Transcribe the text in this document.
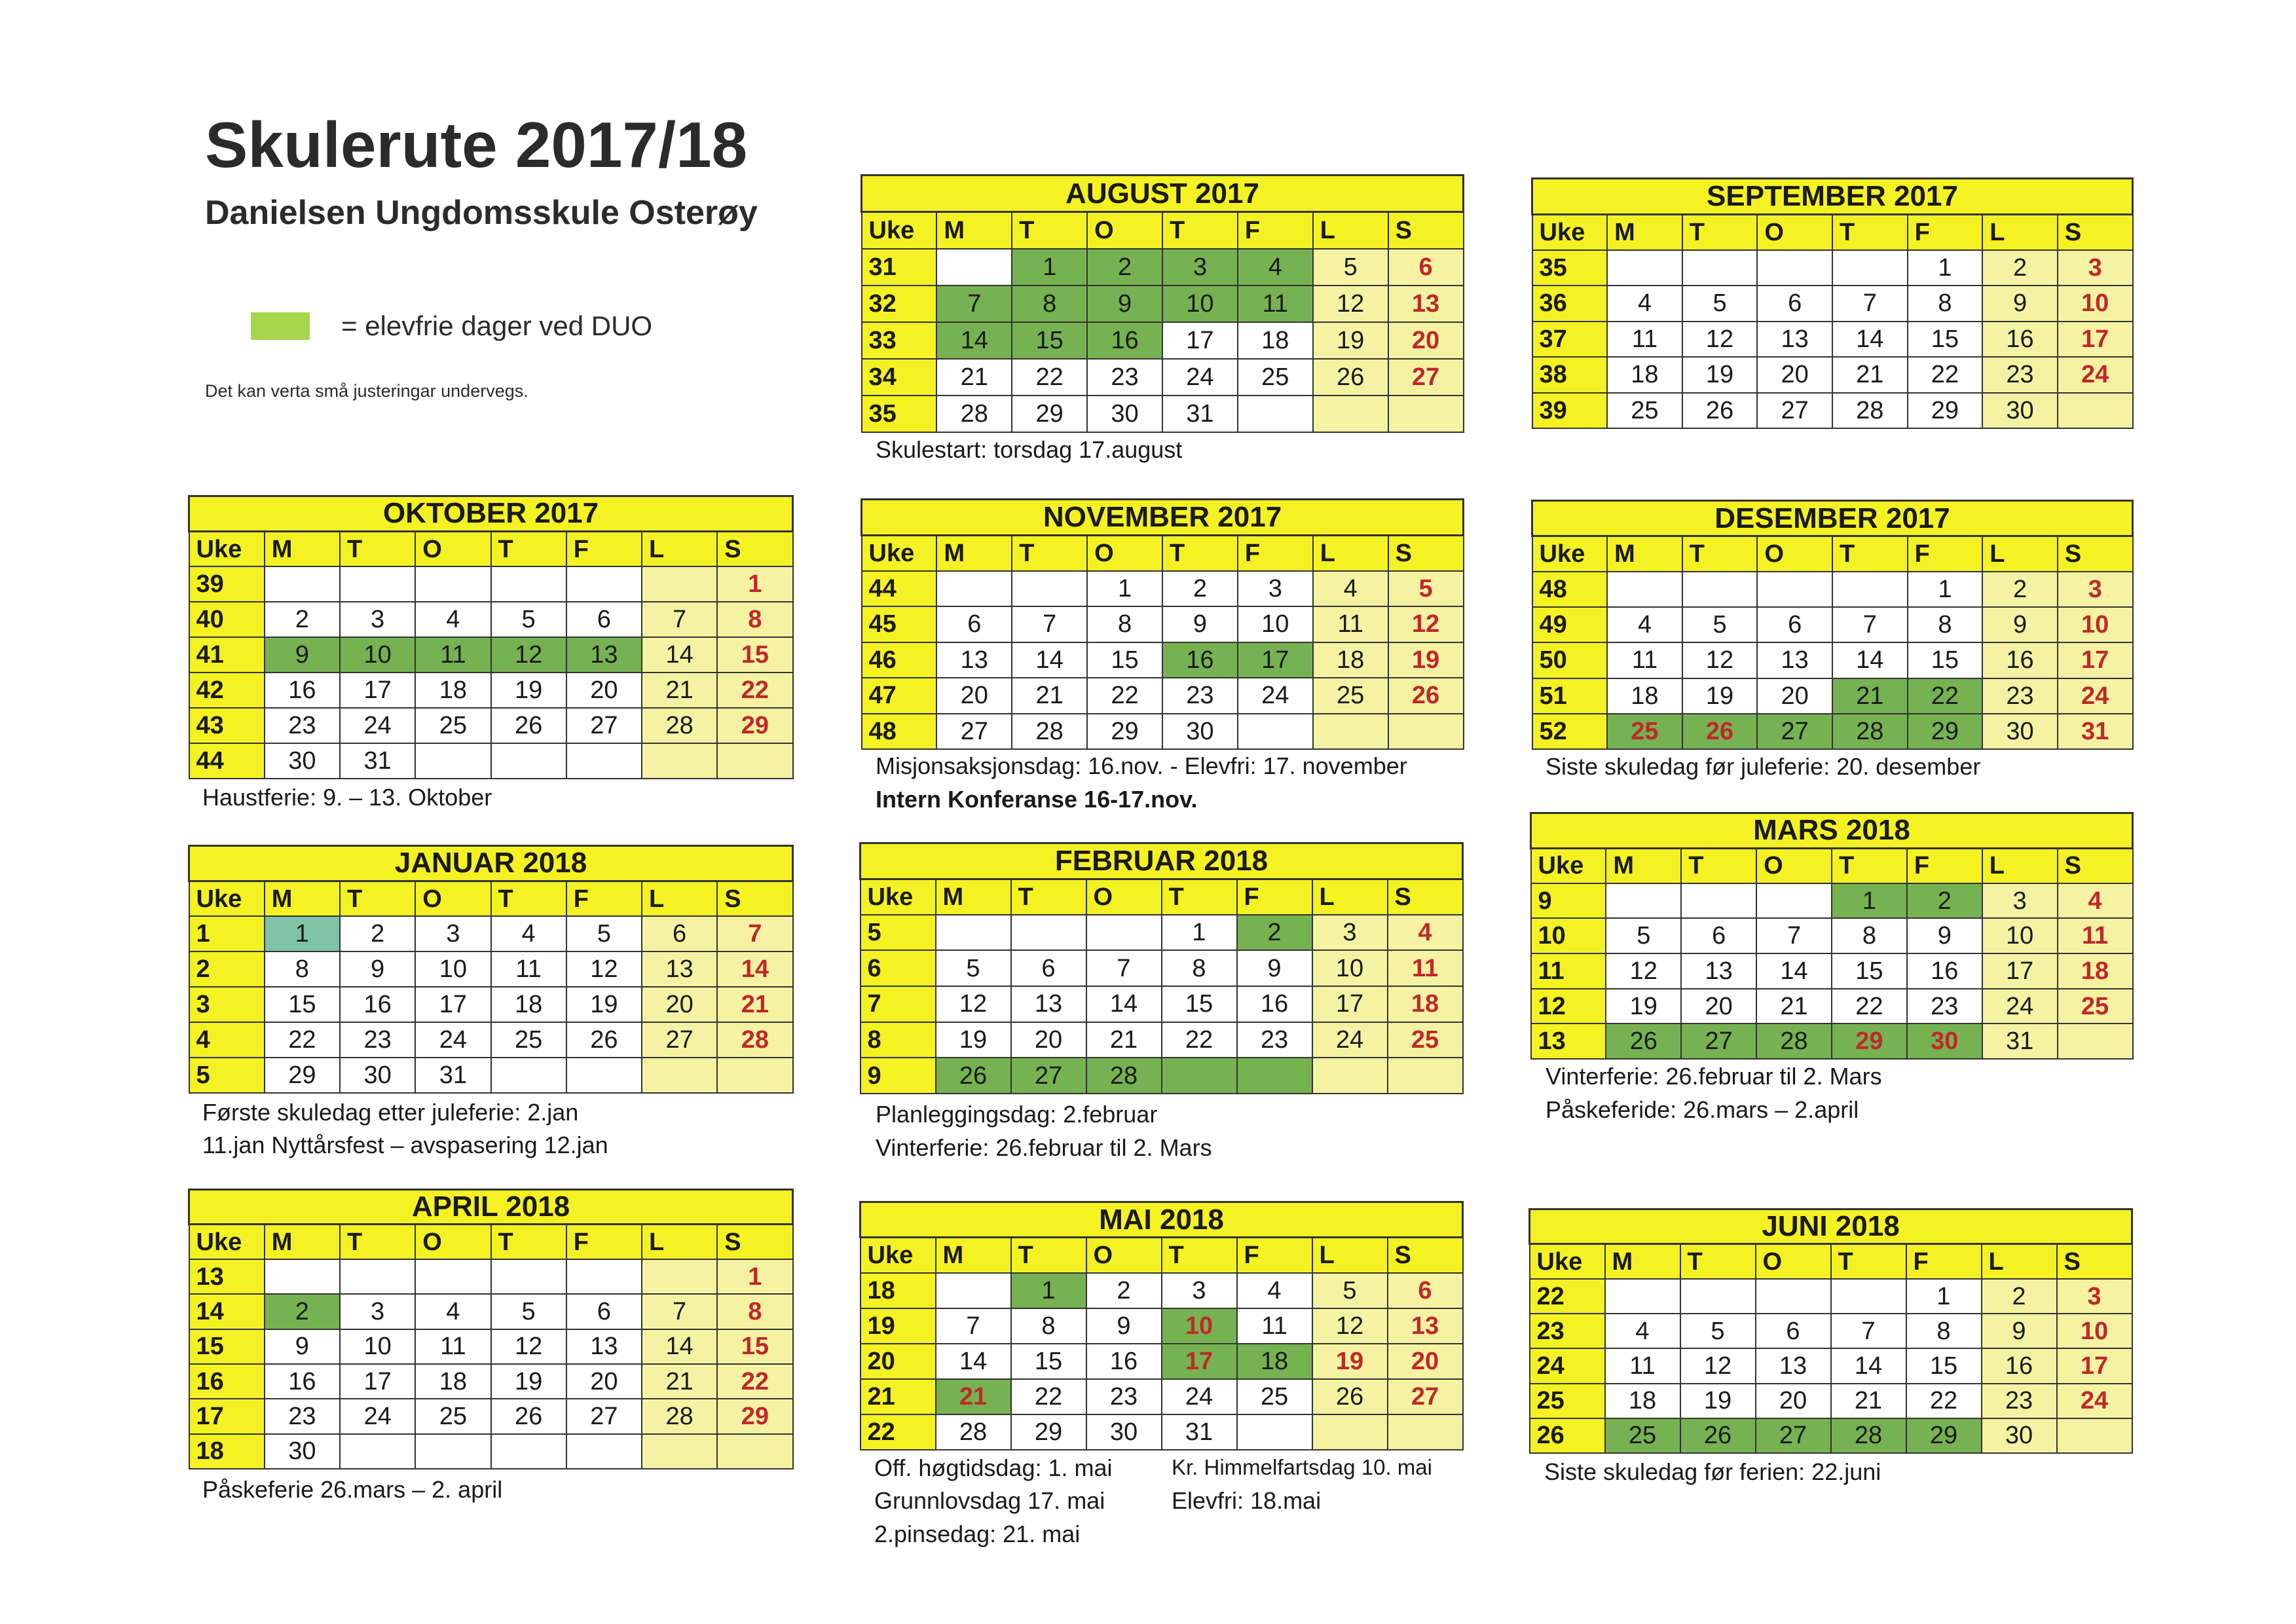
Skulerute 2017/18
Danielsen Ungdomsskule Osterøy
= elevfrie dager ved DUO
Det kan verta små justeringar undervegs.
AUGUST 2017							
Uke	M	T	O	T	F	L	S
31		1	2	3	4	5	6
32	7	8	9	10	11	12	13
33	14	15	16	17	18	19	20
34	21	22	23	24	25	26	27
35	28	29	30	31			
SEPTEMBER 2017							
Uke	M	T	O	T	F	L	S
35					1	2	3
36	4	5	6	7	8	9	10
37	11	12	13	14	15	16	17
38	18	19	20	21	22	23	24
39	25	26	27	28	29	30	
OKTOBER 2017							
Uke	M	T	O	T	F	L	S
39							1
40	2	3	4	5	6	7	8
41	9	10	11	12	13	14	15
42	16	17	18	19	20	21	22
43	23	24	25	26	27	28	29
44	30	31					
NOVEMBER 2017							
Uke	M	T	O	T	F	L	S
44			1	2	3	4	5
45	6	7	8	9	10	11	12
46	13	14	15	16	17	18	19
47	20	21	22	23	24	25	26
48	27	28	29	30			
DESEMBER 2017							
Uke	M	T	O	T	F	L	S
48					1	2	3
49	4	5	6	7	8	9	10
50	11	12	13	14	15	16	17
51	18	19	20	21	22	23	24
52	25	26	27	28	29	30	31
JANUAR 2018							
Uke	M	T	O	T	F	L	S
1	1	2	3	4	5	6	7
2	8	9	10	11	12	13	14
3	15	16	17	18	19	20	21
4	22	23	24	25	26	27	28
5	29	30	31				
FEBRUAR 2018							
Uke	M	T	O	T	F	L	S
5				1	2	3	4
6	5	6	7	8	9	10	11
7	12	13	14	15	16	17	18
8	19	20	21	22	23	24	25
9	26	27	28				
MARS 2018							
Uke	M	T	O	T	F	L	S
9				1	2	3	4
10	5	6	7	8	9	10	11
11	12	13	14	15	16	17	18
12	19	20	21	22	23	24	25
13	26	27	28	29	30	31	
APRIL 2018							
Uke	M	T	O	T	F	L	S
13							1
14	2	3	4	5	6	7	8
15	9	10	11	12	13	14	15
16	16	17	18	19	20	21	22
17	23	24	25	26	27	28	29
18	30						
MAI 2018							
Uke	M	T	O	T	F	L	S
18		1	2	3	4	5	6
19	7	8	9	10	11	12	13
20	14	15	16	17	18	19	20
21	21	22	23	24	25	26	27
22	28	29	30	31			
JUNI 2018							
Uke	M	T	O	T	F	L	S
22					1	2	3
23	4	5	6	7	8	9	10
24	11	12	13	14	15	16	17
25	18	19	20	21	22	23	24
26	25	26	27	28	29	30	
Skulestart: torsdag 17.august
Haustferie: 9. – 13. Oktober
Misjonsaksjonsdag: 16.nov. - Elevfri: 17. november
Intern Konferanse 16-17.nov.
Siste skuledag før juleferie: 20. desember
Første skuledag etter juleferie: 2.jan
11.jan Nyttårsfest – avspasering 12.jan
Planleggingsdag: 2.februar
Vinterferie: 26.februar til 2. Mars
Vinterferie: 26.februar til 2. Mars
Påskeferide: 26.mars – 2.april
Påskeferie 26.mars – 2. april
Off. høgtidsdag: 1. mai
Grunnlovsdag 17. mai
2.pinsedag: 21. mai
Kr. Himmelfartsdag 10. mai
Elevfri: 18.mai
Siste skuledag før ferien: 22.juni
